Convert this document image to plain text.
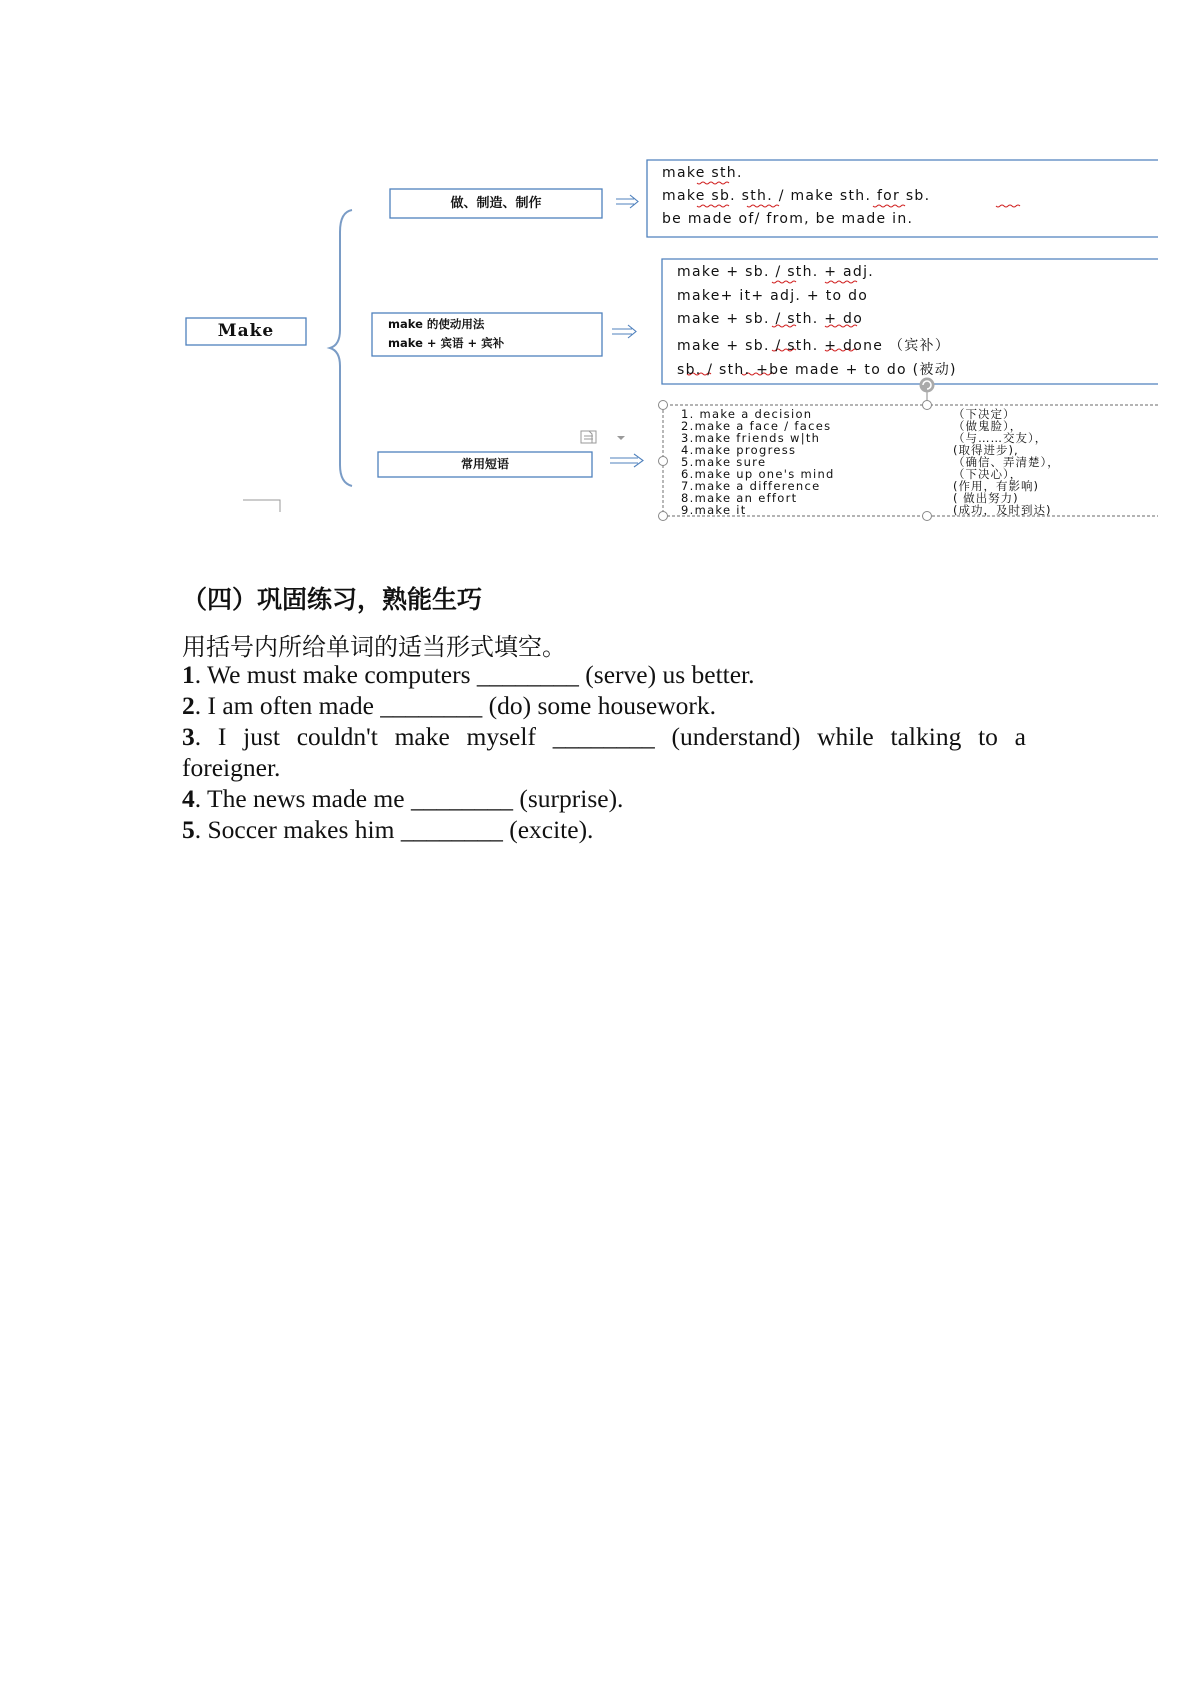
Make
做、制造、制作
make 的使动用法
make + 宾语 + 宾补
常用短语
make sth.
make sb. sth. / make sth. for sb.
be made of/ from, be made in.
make + sb. / sth. + adj.
make+ it+ adj. + to do
make + sb. / sth. + do
make + sb. / sth. + done （宾补）
sb. / sth. +be made + to do (被动)
1. make a decision	（下决定）
2.make a face / faces	（做鬼脸），
3.make friends w|th	（与……交友），
4.make progress	(取得进步),
5.make sure	（确信、弄清楚），
6.make up one's mind	（下决心），
7.make a difference	(作用，有影响)
8.make an effort	( 做出努力)
9.make it	(成功，及时到达)
（四）巩固练习，熟能生巧
用括号内所给单词的适当形式填空。
1. We must make computers ________ (serve) us better.
2. I am often made ________ (do) some housework.
3. I just couldn't make myself ________ (understand) while talking to a
foreigner.
4. The news made me ________ (surprise).
5. Soccer makes him ________ (excite).
